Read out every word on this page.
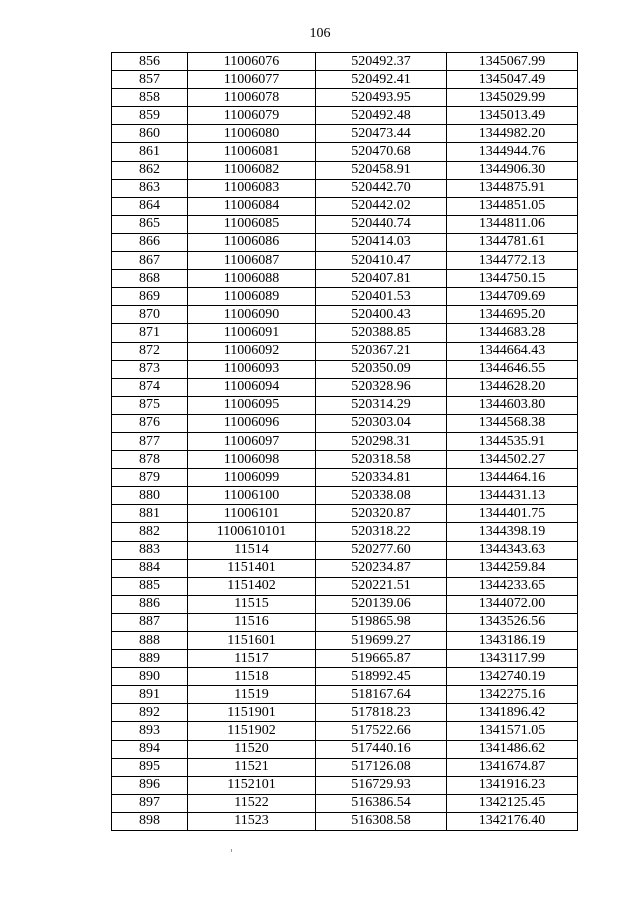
106
856	11006076	520492.37	1345067.99
857	11006077	520492.41	1345047.49
858	11006078	520493.95	1345029.99
859	11006079	520492.48	1345013.49
860	11006080	520473.44	1344982.20
861	11006081	520470.68	1344944.76
862	11006082	520458.91	1344906.30
863	11006083	520442.70	1344875.91
864	11006084	520442.02	1344851.05
865	11006085	520440.74	1344811.06
866	11006086	520414.03	1344781.61
867	11006087	520410.47	1344772.13
868	11006088	520407.81	1344750.15
869	11006089	520401.53	1344709.69
870	11006090	520400.43	1344695.20
871	11006091	520388.85	1344683.28
872	11006092	520367.21	1344664.43
873	11006093	520350.09	1344646.55
874	11006094	520328.96	1344628.20
875	11006095	520314.29	1344603.80
876	11006096	520303.04	1344568.38
877	11006097	520298.31	1344535.91
878	11006098	520318.58	1344502.27
879	11006099	520334.81	1344464.16
880	11006100	520338.08	1344431.13
881	11006101	520320.87	1344401.75
882	1100610101	520318.22	1344398.19
883	11514	520277.60	1344343.63
884	1151401	520234.87	1344259.84
885	1151402	520221.51	1344233.65
886	11515	520139.06	1344072.00
887	11516	519865.98	1343526.56
888	1151601	519699.27	1343186.19
889	11517	519665.87	1343117.99
890	11518	518992.45	1342740.19
891	11519	518167.64	1342275.16
892	1151901	517818.23	1341896.42
893	1151902	517522.66	1341571.05
894	11520	517440.16	1341486.62
895	11521	517126.08	1341674.87
896	1152101	516729.93	1341916.23
897	11522	516386.54	1342125.45
898	11523	516308.58	1342176.40
